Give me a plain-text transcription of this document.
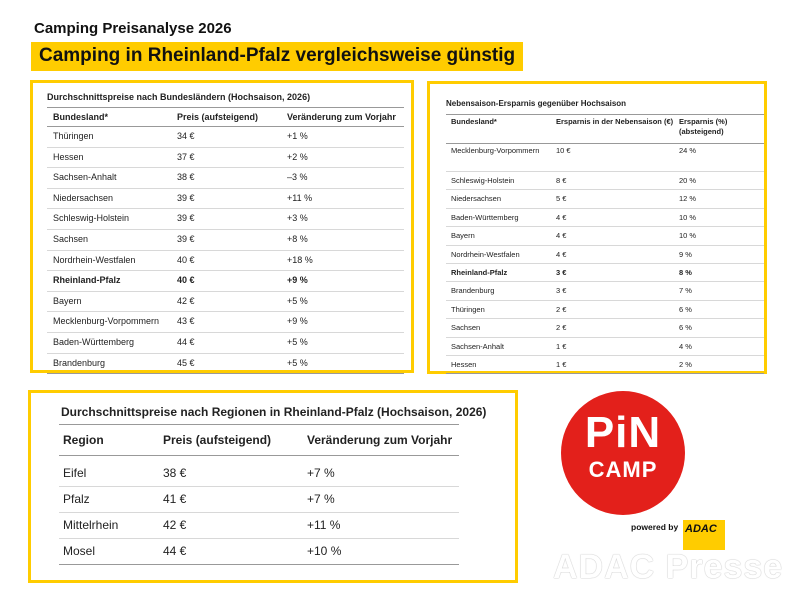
Camping Preisanalyse 2026
Camping in Rheinland-Pfalz vergleichsweise günstig
Durchschnittspreise nach Bundesländern (Hochsaison, 2026)
Bundesland*	Preis (aufsteigend)	Veränderung zum Vorjahr
Thüringen	34 €	+1 %
Hessen	37 €	+2 %
Sachsen-Anhalt	38 €	–3 %
Niedersachsen	39 €	+11 %
Schleswig-Holstein	39 €	+3 %
Sachsen	39 €	+8 %
Nordrhein-Westfalen	40 €	+18 %
Rheinland-Pfalz	40 €	+9 %
Bayern	42 €	+5 %
Mecklenburg-Vorpommern	43 €	+9 %
Baden-Württemberg	44 €	+5 %
Brandenburg	45 €	+5 %
Nebensaison-Ersparnis gegenüber Hochsaison
Bundesland*	Ersparnis in der Nebensaison (€)	Ersparnis (%) (absteigend)
Mecklenburg-Vorpommern	10 €	24 %
Schleswig-Holstein	8 €	20 %
Niedersachsen	5 €	12 %
Baden-Württemberg	4 €	10 %
Bayern	4 €	10 %
Nordrhein-Westfalen	4 €	9 %
Rheinland-Pfalz	3 €	8 %
Brandenburg	3 €	7 %
Thüringen	2 €	6 %
Sachsen	2 €	6 %
Sachsen-Anhalt	1 €	4 %
Hessen	1 €	2 %
Durchschnittspreise nach Regionen in Rheinland-Pfalz (Hochsaison, 2026)
Region	Preis (aufsteigend)	Veränderung zum Vorjahr
Eifel	38 €	+7 %
Pfalz	41 €	+7 %
Mittelrhein	42 €	+11 %
Mosel	44 €	+10 %
PiN
CAMP
powered by ADAC
ADAC Presse
